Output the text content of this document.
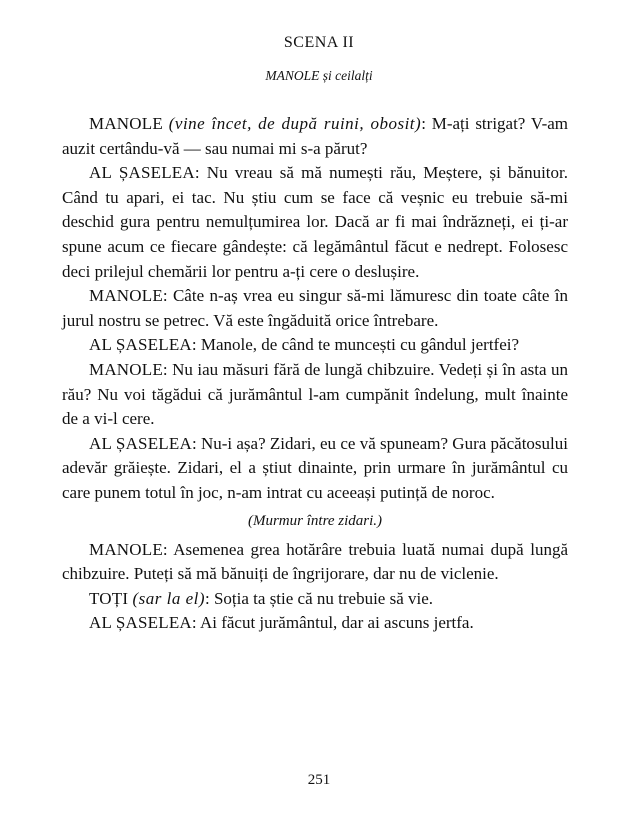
SCENA II
MANOLE și ceilalți

MANOLE (vine încet, de după ruini, obosit): M-ați strigat? V-am auzit certându-vă — sau numai mi s-a părut?

AL ȘASELEA: Nu vreau să mă numești rău, Meștere, și bănuitor. Când tu apari, ei tac. Nu știu cum se face că veșnic eu trebuie să-mi deschid gura pentru nemulțumirea lor. Dacă ar fi mai îndrăzneți, ei ți-ar spune acum ce fiecare gândește: că legământul făcut e nedrept. Folosesc deci prilejul chemării lor pentru a-ți cere o deslușire.

MANOLE: Câte n-aș vrea eu singur să-mi lămuresc din toate câte în jurul nostru se petrec. Vă este îngăduită orice întrebare.

AL ȘASELEA: Manole, de când te muncești cu gândul jertfei?

MANOLE: Nu iau măsuri fără de lungă chibzuire. Vedeți și în asta un rău? Nu voi tăgădui că jurământul l-am cumpănit îndelung, mult înainte de a vi-l cere.

AL ȘASELEA: Nu-i așa? Zidari, eu ce vă spuneam? Gura păcătosului adevăr grăiește. Zidari, el a știut dinainte, prin urmare în jurământul cu care punem totul în joc, n-am intrat cu aceeași putință de noroc.

(Murmur între zidari.)

MANOLE: Asemenea grea hotărâre trebuia luată numai după lungă chibzuire. Puteți să mă bănuiți de îngrijorare, dar nu de viclenie.

TOȚI (sar la el): Soția ta știe că nu trebuie să vie.

AL ȘASELEA: Ai făcut jurământul, dar ai ascuns jertfa.

251
